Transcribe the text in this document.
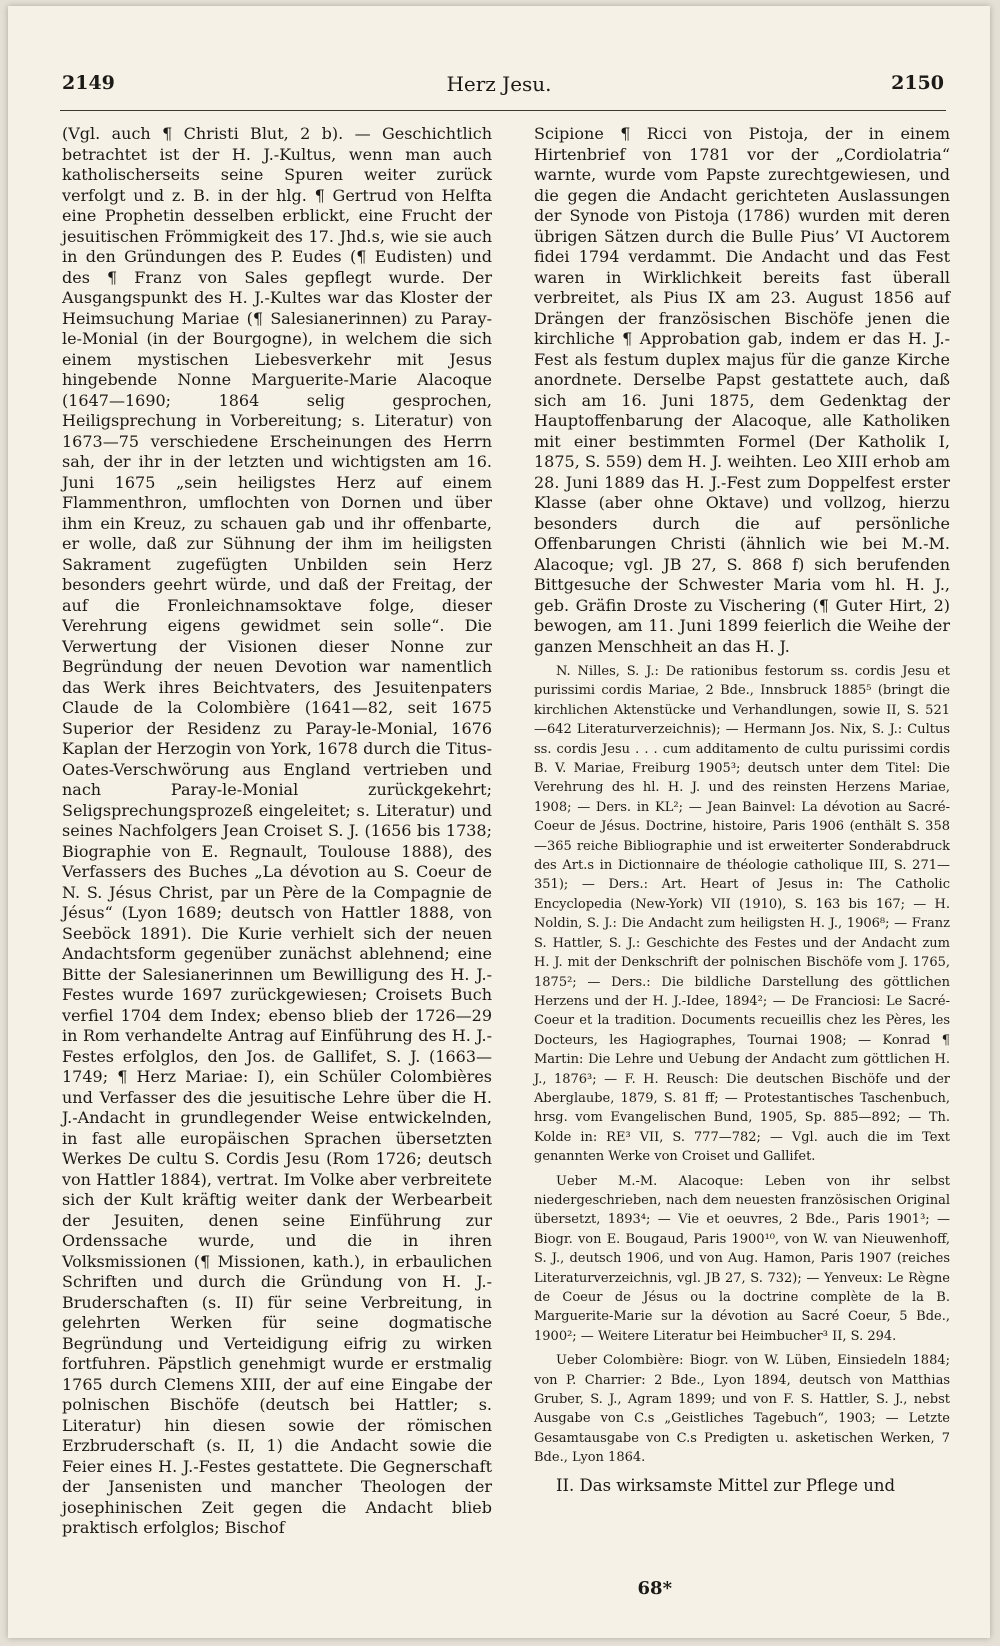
2149	Herz Jesu.	2150

(Vgl. auch ¶ Christi Blut, 2 b). — Geschichtlich betrachtet ist der H. J.-Kultus, wenn man auch katholischerseits seine Spuren weiter zurück verfolgt und z. B. in der hlg. ¶ Gertrud von Helfta eine Prophetin desselben erblickt, eine Frucht der jesuitischen Frömmigkeit des 17. Jhd.s, wie sie auch in den Gründungen des P. Eudes (¶ Eudisten) und des ¶ Franz von Sales gepflegt wurde. Der Ausgangspunkt des H. J.-Kultes war das Kloster der Heimsuchung Mariae (¶ Salesianerinnen) zu Paray-le-Monial (in der Bourgogne), in welchem die sich einem mystischen Liebesverkehr mit Jesus hingebende Nonne Marguerite-Marie Alacoque (1647—1690; 1864 selig gesprochen, Heiligsprechung in Vorbereitung; s. Literatur) von 1673—75 verschiedene Erscheinungen des Herrn sah, der ihr in der letzten und wichtigsten am 16. Juni 1675 „sein heiligstes Herz auf einem Flammenthron, umflochten von Dornen und über ihm ein Kreuz, zu schauen gab und ihr offenbarte, er wolle, daß zur Sühnung der ihm im heiligsten Sakrament zugefügten Unbilden sein Herz besonders geehrt würde, und daß der Freitag, der auf die Fronleichnamsoktave folge, dieser Verehrung eigens gewidmet sein solle“. Die Verwertung der Visionen dieser Nonne zur Begründung der neuen Devotion war namentlich das Werk ihres Beichtvaters, des Jesuitenpaters Claude de la Colombière (1641—82, seit 1675 Superior der Residenz zu Paray-le-Monial, 1676 Kaplan der Herzogin von York, 1678 durch die Titus-Oates-Verschwörung aus England vertrieben und nach Paray-le-Monial zurückgekehrt; Seligsprechungsprozeß eingeleitet; s. Literatur) und seines Nachfolgers Jean Croiset S. J. (1656 bis 1738; Biographie von E. Regnault, Toulouse 1888), des Verfassers des Buches „La dévotion au S. Coeur de N. S. Jésus Christ, par un Père de la Compagnie de Jésus“ (Lyon 1689; deutsch von Hattler 1888, von Seeböck 1891). Die Kurie verhielt sich der neuen Andachtsform gegenüber zunächst ablehnend; eine Bitte der Salesianerinnen um Bewilligung des H. J.-Festes wurde 1697 zurückgewiesen; Croisets Buch verfiel 1704 dem Index; ebenso blieb der 1726—29 in Rom verhandelte Antrag auf Einführung des H. J.-Festes erfolglos, den Jos. de Gallifet, S. J. (1663—1749; ¶ Herz Mariae: I), ein Schüler Colombières und Verfasser des die jesuitische Lehre über die H. J.-Andacht in grundlegender Weise entwickelnden, in fast alle europäischen Sprachen übersetzten Werkes De cultu S. Cordis Jesu (Rom 1726; deutsch von Hattler 1884), vertrat. Im Volke aber verbreitete sich der Kult kräftig weiter dank der Werbearbeit der Jesuiten, denen seine Einführung zur Ordenssache wurde, und die in ihren Volksmissionen (¶ Missionen, kath.), in erbaulichen Schriften und durch die Gründung von H. J.-Bruderschaften (s. II) für seine Verbreitung, in gelehrten Werken für seine dogmatische Begründung und Verteidigung eifrig zu wirken fortfuhren. Päpstlich genehmigt wurde er erstmalig 1765 durch Clemens XIII, der auf eine Eingabe der polnischen Bischöfe (deutsch bei Hattler; s. Literatur) hin diesen sowie der römischen Erzbruderschaft (s. II, 1) die Andacht sowie die Feier eines H. J.-Festes gestattete. Die Gegnerschaft der Jansenisten und mancher Theologen der josephinischen Zeit gegen die Andacht blieb praktisch erfolglos; Bischof

Scipione ¶ Ricci von Pistoja, der in einem Hirtenbrief von 1781 vor der „Cordiolatria“ warnte, wurde vom Papste zurechtgewiesen, und die gegen die Andacht gerichteten Auslassungen der Synode von Pistoja (1786) wurden mit deren übrigen Sätzen durch die Bulle Pius’ VI Auctorem fidei 1794 verdammt. Die Andacht und das Fest waren in Wirklichkeit bereits fast überall verbreitet, als Pius IX am 23. August 1856 auf Drängen der französischen Bischöfe jenen die kirchliche ¶ Approbation gab, indem er das H. J.-Fest als festum duplex majus für die ganze Kirche anordnete. Derselbe Papst gestattete auch, daß sich am 16. Juni 1875, dem Gedenktag der Hauptoffenbarung der Alacoque, alle Katholiken mit einer bestimmten Formel (Der Katholik I, 1875, S. 559) dem H. J. weihten. Leo XIII erhob am 28. Juni 1889 das H. J.-Fest zum Doppelfest erster Klasse (aber ohne Oktave) und vollzog, hierzu besonders durch die auf persönliche Offenbarungen Christi (ähnlich wie bei M.-M. Alacoque; vgl. JB 27, S. 868 f) sich berufenden Bittgesuche der Schwester Maria vom hl. H. J., geb. Gräfin Droste zu Vischering (¶ Guter Hirt, 2) bewogen, am 11. Juni 1899 feierlich die Weihe der ganzen Menschheit an das H. J.

N. Nilles, S. J.: De rationibus festorum ss. cordis Jesu et purissimi cordis Mariae, 2 Bde., Innsbruck 1885⁵ (bringt die kirchlichen Aktenstücke und Verhandlungen, sowie II, S. 521—642 Literaturverzeichnis); — Hermann Jos. Nix, S. J.: Cultus ss. cordis Jesu . . . cum additamento de cultu purissimi cordis B. V. Mariae, Freiburg 1905³; deutsch unter dem Titel: Die Verehrung des hl. H. J. und des reinsten Herzens Mariae, 1908; — Ders. in KL²; — Jean Bainvel: La dévotion au Sacré-Coeur de Jésus. Doctrine, histoire, Paris 1906 (enthält S. 358—365 reiche Bibliographie und ist erweiterter Sonderabdruck des Art.s in Dictionnaire de théologie catholique III, S. 271—351); — Ders.: Art. Heart of Jesus in: The Catholic Encyclopedia (New-York) VII (1910), S. 163 bis 167; — H. Noldin, S. J.: Die Andacht zum heiligsten H. J., 1906⁸; — Franz S. Hattler, S. J.: Geschichte des Festes und der Andacht zum H. J. mit der Denkschrift der polnischen Bischöfe vom J. 1765, 1875²; — Ders.: Die bildliche Darstellung des göttlichen Herzens und der H. J.-Idee, 1894²; — De Franciosi: Le Sacré-Coeur et la tradition. Documents recueillis chez les Pères, les Docteurs, les Hagiographes, Tournai 1908; — Konrad ¶ Martin: Die Lehre und Uebung der Andacht zum göttlichen H. J., 1876³; — F. H. Reusch: Die deutschen Bischöfe und der Aberglaube, 1879, S. 81 ff; — Protestantisches Taschenbuch, hrsg. vom Evangelischen Bund, 1905, Sp. 885—892; — Th. Kolde in: RE³ VII, S. 777—782; — Vgl. auch die im Text genannten Werke von Croiset und Gallifet.

Ueber M.-M. Alacoque: Leben von ihr selbst niedergeschrieben, nach dem neuesten französischen Original übersetzt, 1893⁴; — Vie et oeuvres, 2 Bde., Paris 1901³; — Biogr. von E. Bougaud, Paris 1900¹⁰, von W. van Nieuwenhoff, S. J., deutsch 1906, und von Aug. Hamon, Paris 1907 (reiches Literaturverzeichnis, vgl. JB 27, S. 732); — Yenveux: Le Règne de Coeur de Jésus ou la doctrine complète de la B. Marguerite-Marie sur la dévotion au Sacré Coeur, 5 Bde., 1900²; — Weitere Literatur bei Heimbucher³ II, S. 294.

Ueber Colombière: Biogr. von W. Lüben, Einsiedeln 1884; von P. Charrier: 2 Bde., Lyon 1894, deutsch von Matthias Gruber, S. J., Agram 1899; und von F. S. Hattler, S. J., nebst Ausgabe von C.s „Geistliches Tagebuch“, 1903; — Letzte Gesamtausgabe von C.s Predigten u. asketischen Werken, 7 Bde., Lyon 1864.

II. Das wirksamste Mittel zur Pflege und

68*
